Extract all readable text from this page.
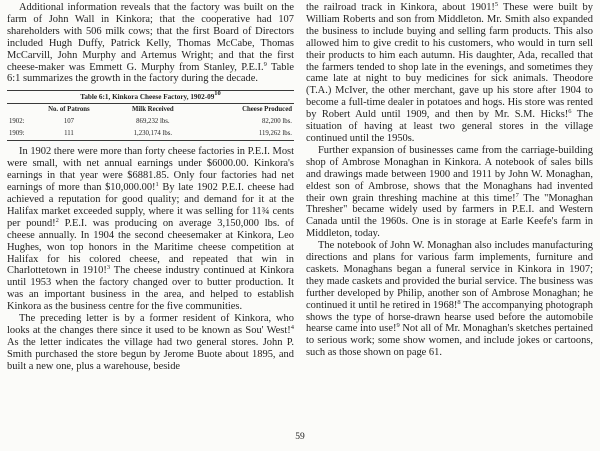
Additional information reveals that the factory was built on the farm of John Wall in Kinkora; that the cooperative had 107 shareholders with 506 milk cows; that the first Board of Directors included Hugh Duffy, Patrick Kelly, Thomas McCabe, Thomas McCarvill, John Murphy and Artemus Wright; and that the first cheese-maker was Emmett G. Murphy from Stanley, P.E.I.$^9$ Table 6:1 summarizes the growth in the factory during the decade.

Table 6:1, Kinkora Cheese Factory, $1902-09^{10}$
	No. of Patrons	Milk Received	Cheese Produced
1902:	107	869,232 lbs.	82,200 lbs.
1909:	111	1,230,174 lbs.	119,262 lbs.

In 1902 there were more than forty cheese factories in P.E.I. Most were small, with net annual earnings under $6000.00. Kinkora's earnings in that year were $6881.85. Only four factories had net earnings of more than $10,000.00!$^1$ By late 1902 P.E.I. cheese had achieved a reputation for good quality; and demand for it at the Halifax market exceeded supply, where it was selling for 11¾ cents per pound!$^2$ P.E.I. was producing on average 3,150,000 lbs. of cheese annually. In 1904 the second cheesemaker at Kinkora, Leo Hughes, won top honors in the Maritime cheese competition at Halifax for his colored cheese, and repeated that win in Charlottetown in 1910!$^3$ The cheese industry continued at Kinkora until 1953 when the factory changed over to butter production. It was an important business in the area, and helped to establish Kinkora as the business centre for the five communities.

The preceding letter is by a former resident of Kinkora, who looks at the changes there since it used to be known as Sou' West!$^4$ As the letter indicates the village had two general stores. John P. Smith purchased the store begun by Jerome Buote about 1895, and built a new one, plus a warehouse, beside

the railroad track in Kinkora, about 1901!$^5$ These were built by William Roberts and son from Middleton. Mr. Smith also expanded the business to include buying and selling farm products. This also allowed him to give credit to his customers, who would in turn sell their products to him each autumn. His daughter, Ada, recalled that the farmers tended to shop late in the evenings, and sometimes they came late at night to buy medicines for sick animals. Theodore (T.A.) McIver, the other merchant, gave up his store after 1904 to become a full-time dealer in potatoes and hogs. His store was rented by Robert Auld until 1909, and then by Mr. S.M. Hicks!$^6$ The situation of having at least two general stores in the village continued until the 1950s.

Further expansion of businesses came from the carriage-building shop of Ambrose Monaghan in Kinkora. A notebook of sales bills and drawings made between 1900 and 1911 by John W. Monaghan, eldest son of Ambrose, shows that the Monaghans had invented their own grain threshing machine at this time!$^7$ The "Monaghan Thresher" became widely used by farmers in P.E.I. and Western Canada until the 1960s. One is in storage at Earle Keefe's farm in Middleton, today.

The notebook of John W. Monaghan also includes manufacturing directions and plans for various farm implements, furniture and caskets. Monaghans began a funeral service in Kinkora in 1907; they made caskets and provided the burial service. The business was further developed by Philip, another son of Ambrose Monaghan; he continued it until he retired in 1968!$^8$ The accompanying photograph shows the type of horse-drawn hearse used before the automobile hearse came into use!$^9$ Not all of Mr. Monaghan's sketches pertained to serious work; some show women, and include jokes or cartoons, such as those shown on page 61.

59
